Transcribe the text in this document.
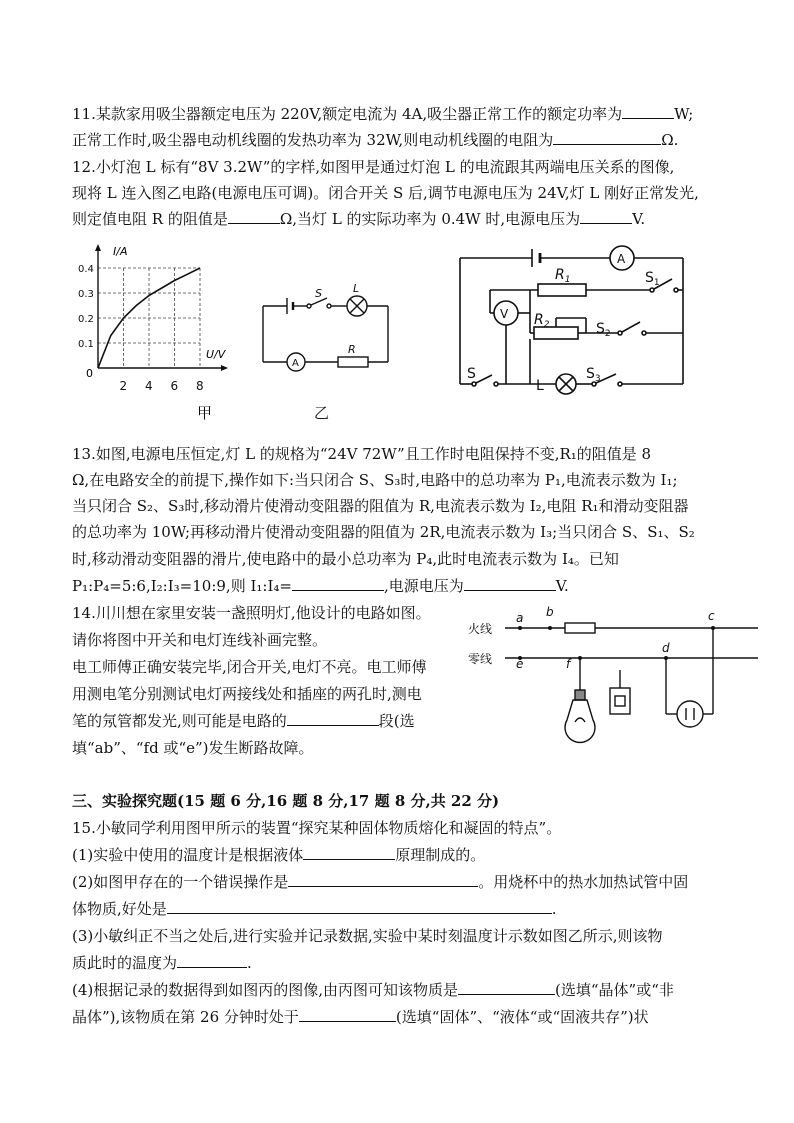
11.某款家用吸尘器额定电压为 220V,额定电流为 4A,吸尘器正常工作的额定功率为	W;
正常工作时,吸尘器电动机线圈的发热功率为 32W,则电动机线圈的电阻为	Ω.
12.小灯泡 L 标有“8V 3.2W”的字样,如图甲是通过灯泡 L 的电流跟其两端电压关系的图像,
现将 L 连入图乙电路(电源电压可调)。闭合开关 S 后,调节电源电压为 24V,灯 L 刚好正常发光,
则定值电阻 R 的阻值是	Ω,当灯 L 的实际功率为 0.4W 时,电源电压为	V.
2 4 6 8
0.1
0.2
0.3
0.4
I/A
U/V
0
甲
S	L
A
R
乙
A
V
$R_1$
$R_2$
$S_1$
$S_2$
S
L
$S_3$
13.如图,电源电压恒定,灯 L 的规格为“24V 72W”且工作时电阻保持不变,R₁的阻值是 8
Ω,在电路安全的前提下,操作如下:当只闭合 S、S₃时,电路中的总功率为 P₁,电流表示数为 I₁;
当只闭合 S₂、S₃时,移动滑片使滑动变阻器的阻值为 R,电流表示数为 I₂,电阻 R₁和滑动变阻器
的总功率为 10W;再移动滑片使滑动变阻器的阻值为 2R,电流表示数为 I₃;当只闭合 S、S₁、S₂
时,移动滑动变阻器的滑片,使电路中的最小总功率为 P₄,此时电流表示数为 I₄。已知
P₁:P₄=5:6,I₂:I₃=10:9,则 I₁:I₄=	,电源电压为	V.
14.川川想在家里安装一盏照明灯,他设计的电路如图。
请你将图中开关和电灯连线补画完整。
电工师傅正确安装完毕,闭合开关,电灯不亮。电工师傅
用测电笔分别测试电灯两接线处和插座的两孔时,测电
笔的氖管都发光,则可能是电路的	段(选
填“ab”、“fd 或“e”)发生断路故障。
火线
零线
a b	c
d
e	f
三、实验探究题(15 题 6 分,16 题 8 分,17 题 8 分,共 22 分)
15.小敏同学利用图甲所示的装置“探究某种固体物质熔化和凝固的特点”。
(1)实验中使用的温度计是根据液体	原理制成的。
(2)如图甲存在的一个错误操作是	。用烧杯中的热水加热试管中固
体物质,好处是	.
(3)小敏纠正不当之处后,进行实验并记录数据,实验中某时刻温度计示数如图乙所示,则该物
质此时的温度为	.
(4)根据记录的数据得到如图丙的图像,由丙图可知该物质是	(选填“晶体”或“非
晶体”),该物质在第 26 分钟时处于	(选填“固体”、“液体“或“固液共存”)状
